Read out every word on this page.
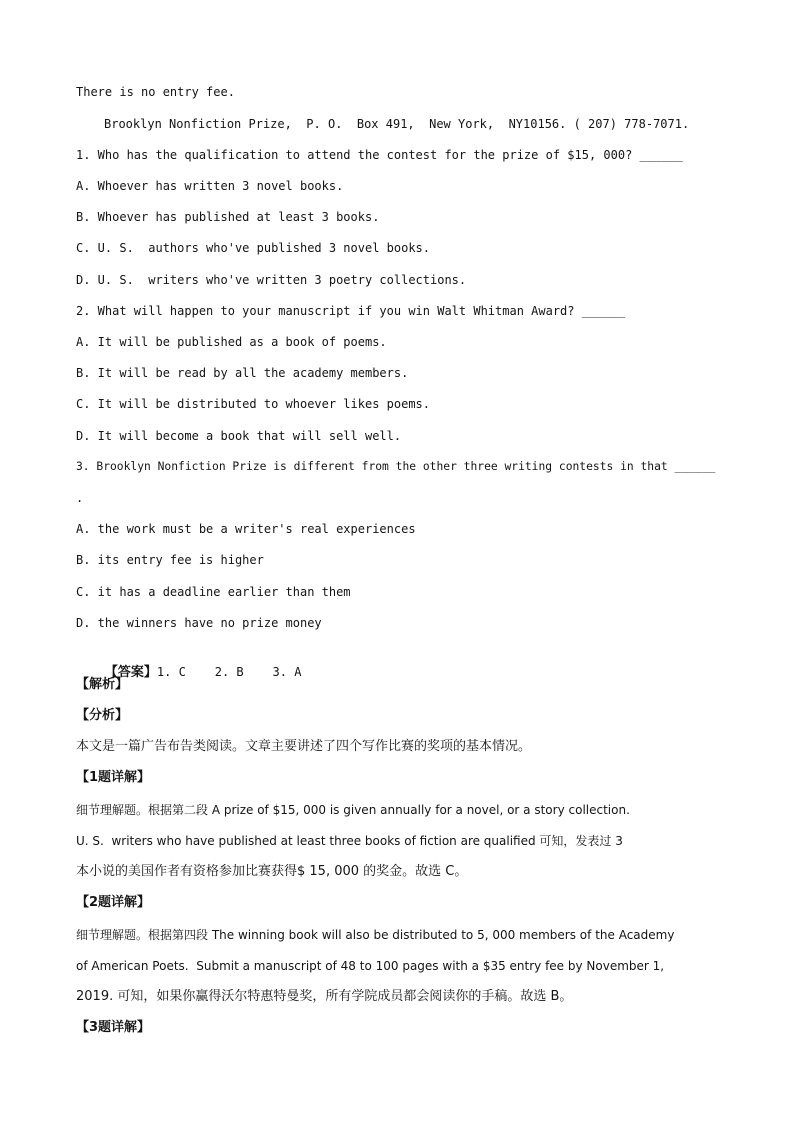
There is no entry fee.
Brooklyn Nonfiction Prize,  P. O.  Box 491,  New York,  NY10156. ( 207) 778-7071.
1. Who has the qualification to attend the contest for the prize of $15, 000? ______
A. Whoever has written 3 novel books.
B. Whoever has published at least 3 books.
C. U. S.  authors who've published 3 novel books.
D. U. S.  writers who've written 3 poetry collections.
2. What will happen to your manuscript if you win Walt Whitman Award? ______
A. It will be published as a book of poems.
B. It will be read by all the academy members.
C. It will be distributed to whoever likes poems.
D. It will become a book that will sell well.
3. Brooklyn Nonfiction Prize is different from the other three writing contests in that ______
.
A. the work must be a writer's real experiences
B. its entry fee is higher
C. it has a deadline earlier than them
D. the winners have no prize money

【答案】1. C    2. B    3. A

【解析】
【分析】
本文是一篇广告布告类阅读。文章主要讲述了四个写作比赛的奖项的基本情况。
【1题详解】
细节理解题。根据第二段 A prize of $15, 000 is given annually for a novel, or a story collection.
U. S.  writers who have published at least three books of fiction are qualified 可知，发表过 3
本小说的美国作者有资格参加比赛获得$ 15, 000 的奖金。故选 C。
【2题详解】
细节理解题。根据第四段 The winning book will also be distributed to 5, 000 members of the Academy
of American Poets.  Submit a manuscript of 48 to 100 pages with a $35 entry fee by November 1,
2019. 可知，如果你赢得沃尔特惠特曼奖，所有学院成员都会阅读你的手稿。故选 B。
【3题详解】
